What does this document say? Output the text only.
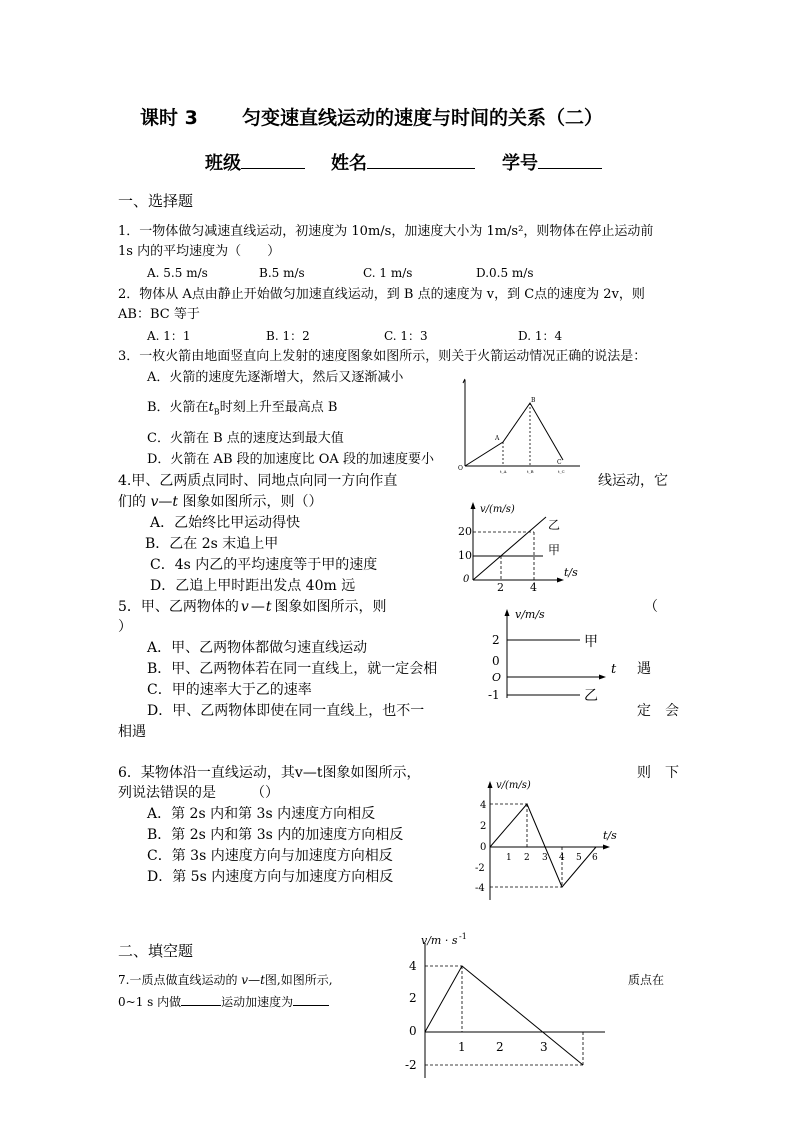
课时 3 匀变速直线运动的速度与时间的关系（二）
班级	姓名	学号
一、选择题
1．一物体做匀减速直线运动，初速度为 10m/s，加速度大小为 1m/s²，则物体在停止运动前
1s 内的平均速度为（　　）
A. 5.5 m/s	B.5 m/s	C. 1 m/s	D.0.5 m/s
2．物体从 A点由静止开始做匀加速直线运动，到 B 点的速度为 v，到 C点的速度为 2v，则
AB：BC 等于
A. 1：1	B. 1：2	C. 1：3	D. 1：4
3．一枚火箭由地面竖直向上发射的速度图象如图所示，则关于火箭运动情况正确的说法是：
A．火箭的速度先逐渐增大，然后又逐渐减小
B．火箭在$t_B$时刻上升至最高点 B
C．火箭在 B 点的速度达到最大值
D．火箭在 AB 段的加速度比 OA 段的加速度要小
O
A
B
C
t_A	t_B	t_C
4.甲、乙两质点同时、同地点向同一方向作直	线运动，它
们的 v—t 图象如图所示，则（）
A．乙始终比甲运动得快
B．乙在 2s 末追上甲
C．4s 内乙的平均速度等于甲的速度
D．乙追上甲时距出发点 40m 远
20
10
0
2 4
v/(m/s)
t/s
乙
甲
5．甲、乙两物体的 v —t 图象如图所示，则	（
）
A．甲、乙两物体都做匀速直线运动
B．甲、乙两物体若在同一直线上，就一定会相	遇
C．甲的速率大于乙的速率
D．甲、乙两物体即使在同一直线上，也不一	定　会
相遇
2
0
O
-1
v/m/s
t
甲
乙
6．某物体沿一直线运动，其v—t图象如图所示，	则　下
列说法错误的是　　　（）
A．第 2s 内和第 3s 内速度方向相反
B．第 2s 内和第 3s 内的加速度方向相反
C．第 3s 内速度方向与加速度方向相反
D．第 5s 内速度方向与加速度方向相反
v/(m/s)
4
2
0
-2
-4
1 2 3 4 5 6
t/s
二、填空题
7.一质点做直线运动的 v—t图,如图所示,	质点在
0~1 s 内做	运动加速度为
v/m · s -1
4
2
0
-2
1	2	3
